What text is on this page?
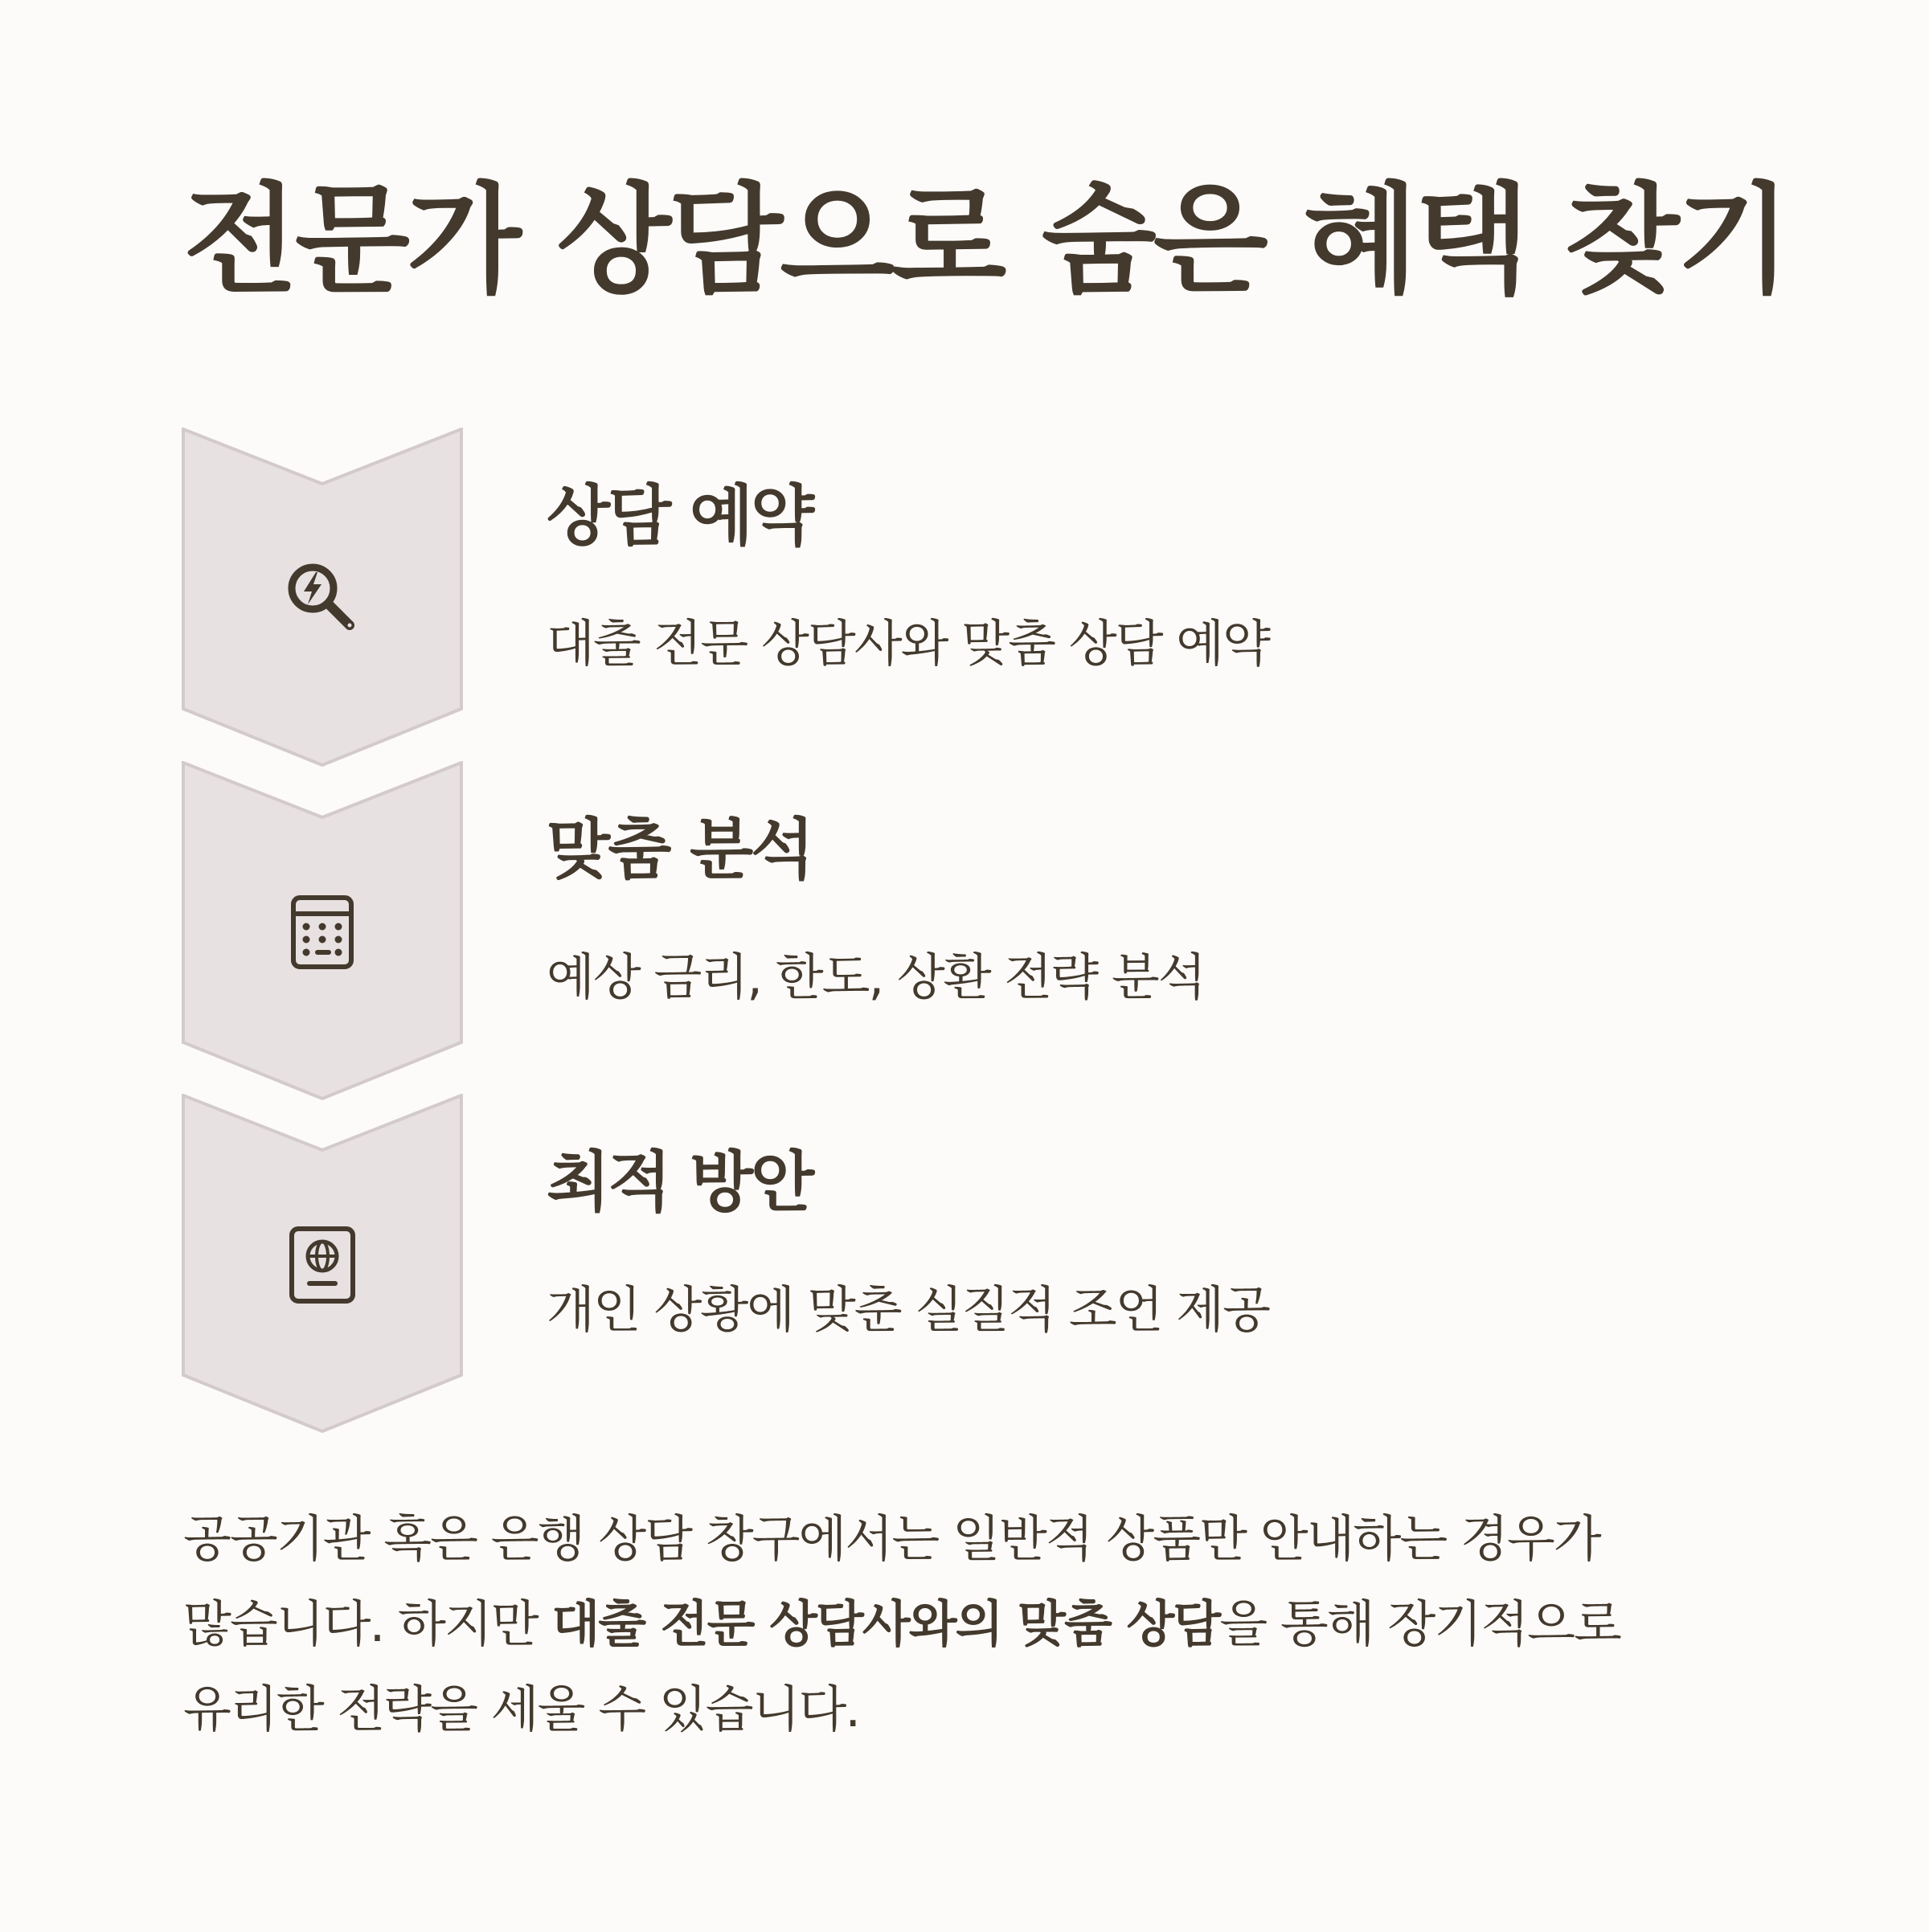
전문가 상담으로 숨은 혜택 찾기
상담 예약

대출 전문 상담사와 맞춤 상담 예약

맞춤 분석

예상 금리, 한도, 상환 전략 분석

최적 방안

개인 상황에 맞춘 실질적 조언 제공

공공기관 혹은 은행 상담 창구에서는 일반적 상품만 안내하는 경우가
많습니다. 하지만 대출 전문 상담사와의 맞춤 상담을 통해 장기적으로
유리한 전략을 세울 수 있습니다.
